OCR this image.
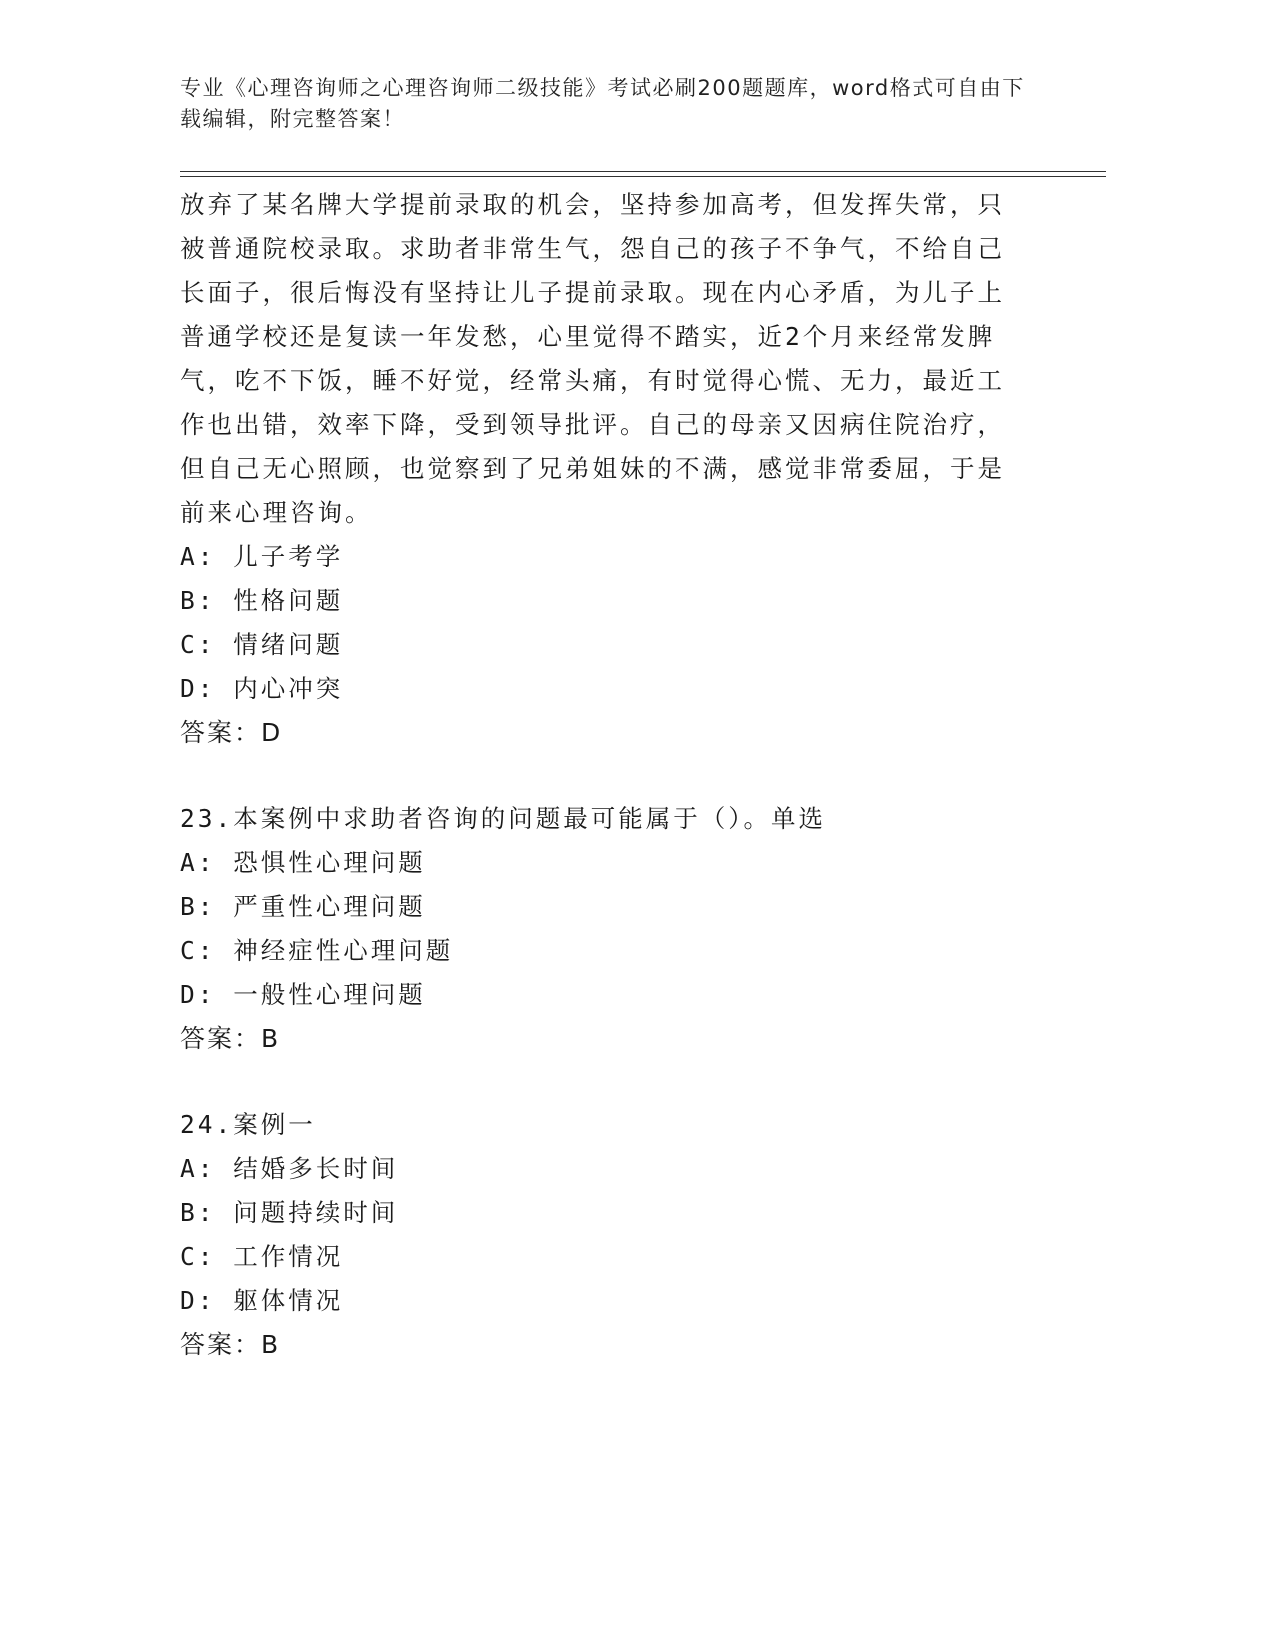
专业《心理咨询师之心理咨询师二级技能》考试必刷200题题库，word格式可自由下载编辑，附完整答案！

放弃了某名牌大学提前录取的机会，坚持参加高考，但发挥失常，只

被普通院校录取。求助者非常生气，怨自己的孩子不争气，不给自己

长面子，很后悔没有坚持让儿子提前录取。现在内心矛盾，为儿子上

普通学校还是复读一年发愁，心里觉得不踏实，近2个月来经常发脾

气，吃不下饭，睡不好觉，经常头痛，有时觉得心慌、无力，最近工

作也出错，效率下降，受到领导批评。自己的母亲又因病住院治疗，

但自己无心照顾，也觉察到了兄弟姐妹的不满，感觉非常委屈，于是

前来心理咨询。

A: 儿子考学

B: 性格问题

C: 情绪问题

D: 内心冲突

答案：D

23.本案例中求助者咨询的问题最可能属于（）。单选

A: 恐惧性心理问题

B: 严重性心理问题

C: 神经症性心理问题

D: 一般性心理问题

答案：B

24.案例一

A: 结婚多长时间

B: 问题持续时间

C: 工作情况

D: 躯体情况

答案：B
